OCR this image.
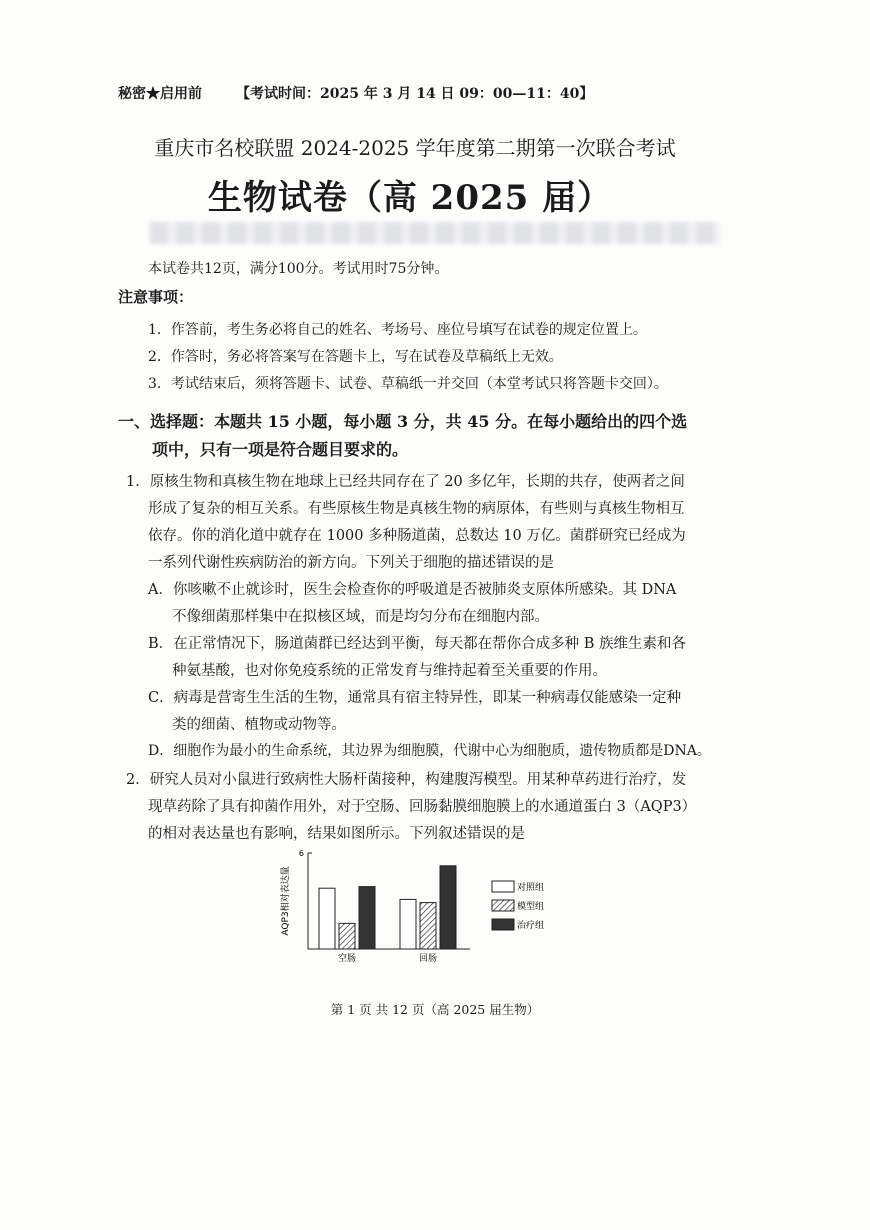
秘密★启用前 【考试时间：2025 年 3 月 14 日 09：00—11：40】
重庆市名校联盟 2024-2025 学年度第二期第一次联合考试
生物试卷（高 2025 届）
本试卷共12页，满分100分。考试用时75分钟。
注意事项：
1．作答前，考生务必将自己的姓名、考场号、座位号填写在试卷的规定位置上。
2．作答时，务必将答案写在答题卡上，写在试卷及草稿纸上无效。
3．考试结束后，须将答题卡、试卷、草稿纸一并交回（本堂考试只将答题卡交回）。
一、选择题：本题共 15 小题，每小题 3 分，共 45 分。在每小题给出的四个选
项中，只有一项是符合题目要求的。
1．原核生物和真核生物在地球上已经共同存在了 20 多亿年，长期的共存，使两者之间
形成了复杂的相互关系。有些原核生物是真核生物的病原体，有些则与真核生物相互
依存。你的消化道中就存在 1000 多种肠道菌，总数达 10 万亿。菌群研究已经成为
一系列代谢性疾病防治的新方向。下列关于细胞的描述错误的是
A．你咳嗽不止就诊时，医生会检查你的呼吸道是否被肺炎支原体所感染。其 DNA
不像细菌那样集中在拟核区域，而是均匀分布在细胞内部。
B．在正常情况下，肠道菌群已经达到平衡，每天都在帮你合成多种 B 族维生素和各
种氨基酸，也对你免疫系统的正常发育与维持起着至关重要的作用。
C．病毒是营寄生生活的生物，通常具有宿主特异性，即某一种病毒仅能感染一定种
类的细菌、植物或动物等。
D．细胞作为最小的生命系统，其边界为细胞膜，代谢中心为细胞质，遗传物质都是DNA。
2．研究人员对小鼠进行致病性大肠杆菌接种，构建腹泻模型。用某种草药进行治疗，发
现草药除了具有抑菌作用外，对于空肠、回肠黏膜细胞膜上的水通道蛋白 3（AQP3）
的相对表达量也有影响，结果如图所示。下列叙述错误的是
6
AQP3相对表达量
空肠	回肠
对照组
模型组
治疗组
第 1 页 共 12 页（高 2025 届生物）
